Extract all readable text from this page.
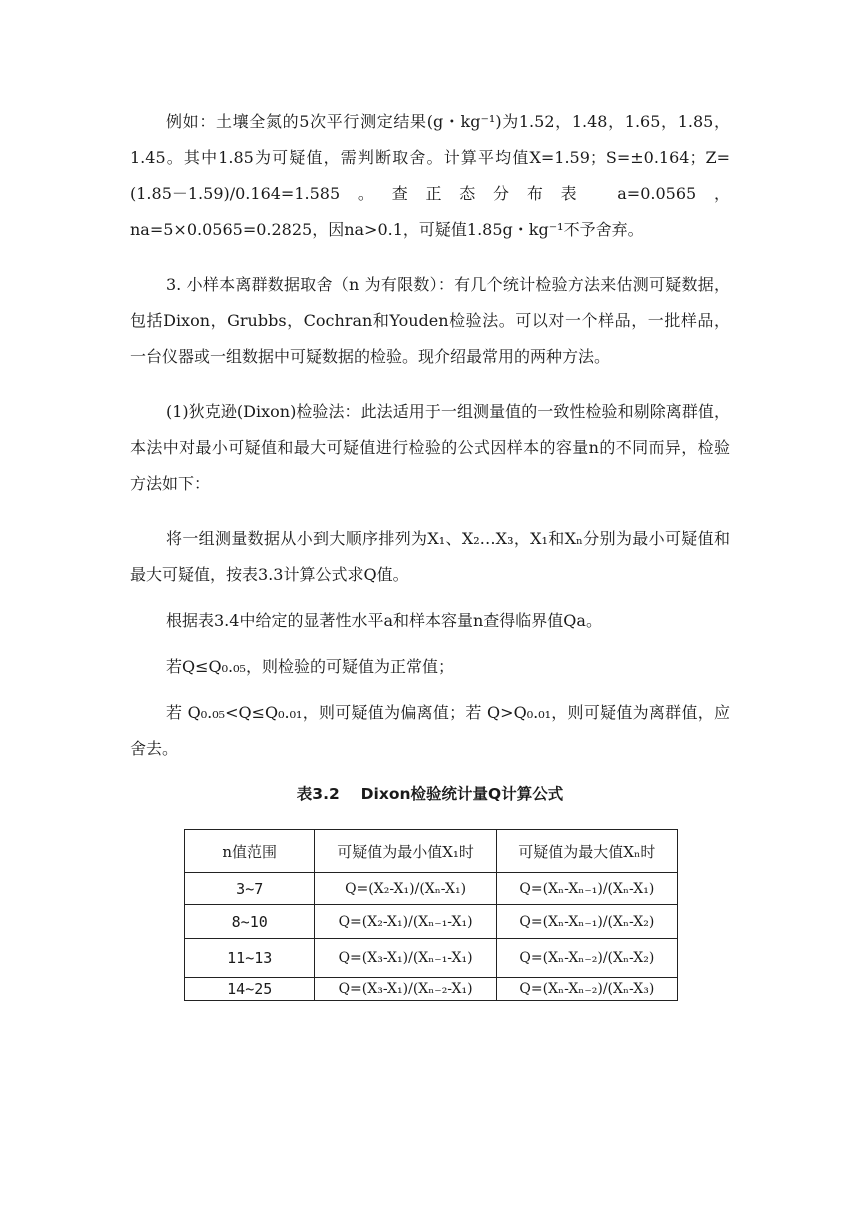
例如：土壤全氮的5次平行测定结果(g・kg⁻¹)为1.52，1.48，1.65，1.85，1.45。其中1.85为可疑值，需判断取舍。计算平均值X=1.59；S=±0.164；Z=(1.85－1.59)/0.164=1.585。查正态分布表 a=0.0565，na=5×0.0565=0.2825，因na>0.1，可疑值1.85g・kg⁻¹不予舍弃。

3. 小样本离群数据取舍（n 为有限数）：有几个统计检验方法来估测可疑数据，包括Dixon，Grubbs，Cochran和Youden检验法。可以对一个样品，一批样品，一台仪器或一组数据中可疑数据的检验。现介绍最常用的两种方法。

(1)狄克逊(Dixon)检验法：此法适用于一组测量值的一致性检验和剔除离群值，本法中对最小可疑值和最大可疑值进行检验的公式因样本的容量n的不同而异，检验方法如下：

将一组测量数据从小到大顺序排列为X₁、X₂…X₃，X₁和Xₙ分别为最小可疑值和最大可疑值，按表3.3计算公式求Q值。

根据表3.4中给定的显著性水平a和样本容量n查得临界值Qa。

若Q≤Q₀.₀₅，则检验的可疑值为正常值；

若 Q₀.₀₅<Q≤Q₀.₀₁，则可疑值为偏离值；若 Q>Q₀.₀₁，则可疑值为离群值，应舍去。

表3.2　 Dixon检验统计量Q计算公式
n值范围	可疑值为最小值X₁时	可疑值为最大值Xₙ时
3~7	Q=(X₂-X₁)/(Xₙ-X₁)	Q=(Xₙ-Xₙ₋₁)/(Xₙ-X₁)
8~10	Q=(X₂-X₁)/(Xₙ₋₁-X₁)	Q=(Xₙ-Xₙ₋₁)/(Xₙ-X₂)
11~13	Q=(X₃-X₁)/(Xₙ₋₁-X₁)	Q=(Xₙ-Xₙ₋₂)/(Xₙ-X₂)
14~25	Q=(X₃-X₁)/(Xₙ₋₂-X₁)	Q=(Xₙ-Xₙ₋₂)/(Xₙ-X₃)
